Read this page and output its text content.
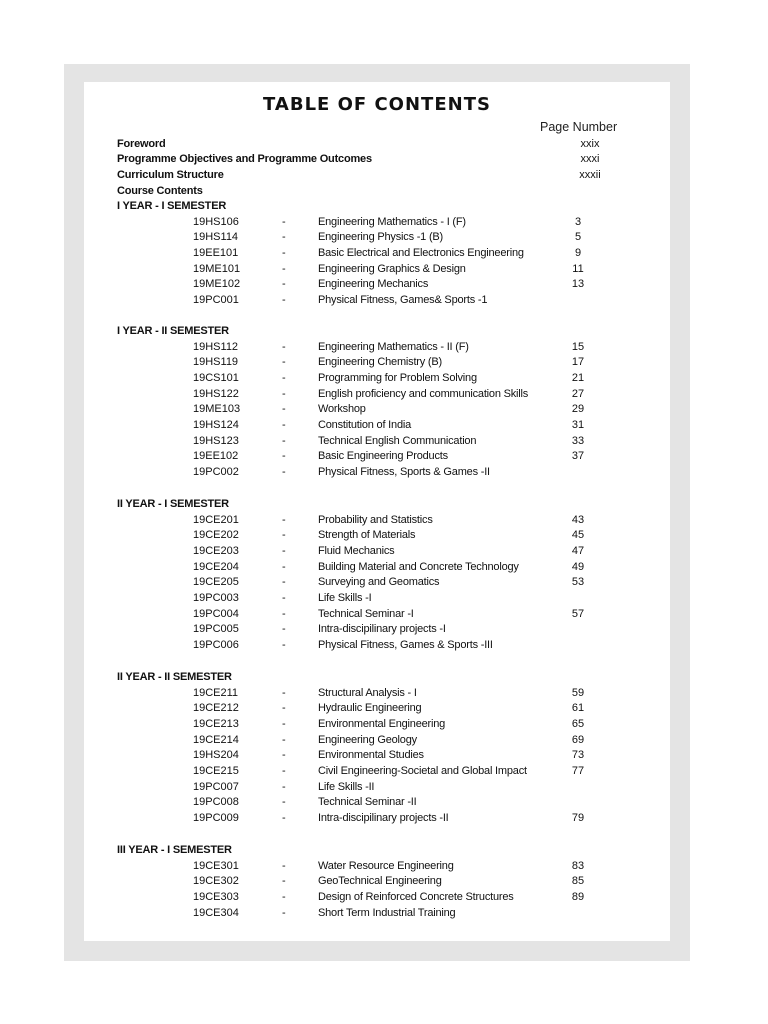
TABLE OF CONTENTS
Page Number
Foreword	xxix
Programme Objectives and Programme Outcomes	xxxi
Curriculum Structure	xxxii
Course Contents
I YEAR - I SEMESTER
19HS106	-	Engineering Mathematics - I (F)	3
19HS114	-	Engineering Physics -1 (B)	5
19EE101	-	Basic Electrical and Electronics Engineering	9
19ME101	-	Engineering Graphics & Design	11
19ME102	-	Engineering Mechanics	13
19PC001	-	Physical Fitness, Games& Sports -1
I YEAR - II SEMESTER
19HS112	-	Engineering Mathematics - II (F)	15
19HS119	-	Engineering Chemistry (B)	17
19CS101	-	Programming for Problem Solving	21
19HS122	-	English proficiency and communication Skills	27
19ME103	-	Workshop	29
19HS124	-	Constitution of India	31
19HS123	-	Technical English Communication	33
19EE102	-	Basic Engineering Products	37
19PC002	-	Physical Fitness, Sports & Games -II
II YEAR - I SEMESTER
19CE201	-	Probability and Statistics	43
19CE202	-	Strength of Materials	45
19CE203	-	Fluid Mechanics	47
19CE204	-	Building Material and Concrete Technology	49
19CE205	-	Surveying and Geomatics	53
19PC003	-	Life Skills -I
19PC004	-	Technical Seminar -I	57
19PC005	-	Intra-discipilinary projects -I
19PC006	-	Physical Fitness, Games & Sports -III
II YEAR - II SEMESTER
19CE211	-	Structural Analysis - I	59
19CE212	-	Hydraulic Engineering	61
19CE213	-	Environmental Engineering	65
19CE214	-	Engineering Geology	69
19HS204	-	Environmental Studies	73
19CE215	-	Civil Engineering-Societal and Global Impact	77
19PC007	-	Life Skills -II
19PC008	-	Technical Seminar -II
19PC009	-	Intra-discipilinary projects -II	79
III YEAR - I SEMESTER
19CE301	-	Water Resource Engineering	83
19CE302	-	GeoTechnical Engineering	85
19CE303	-	Design of Reinforced Concrete Structures	89
19CE304	-	Short Term Industrial Training
